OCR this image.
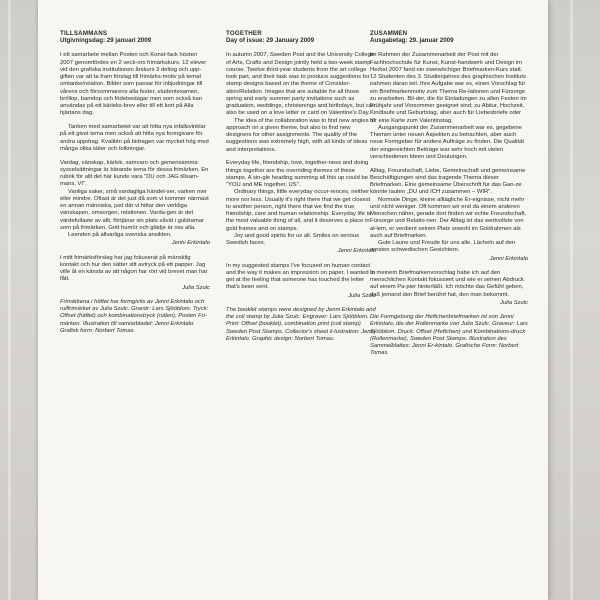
TILLSAMMANS
Utgivningsdag: 29 januari 2009

I ett samarbete mellan Posten och Konst-fack hösten 2007 genomfördes en 2 veck-ors frimärkskurs. 12 elever vid den grafiska institutionen årskurs 3 deltog och upp-giften var att ta fram förslag till frimärks-motiv på temat omtanke/relation. Bilder som passar för inbjudningar till vårens och försommarens alla fester, studentexamen, bröllop, bamdop och födelsedagar men som också kan användas på ett kärleks-brev eller till ett kort på Alla hjärtans dag.

Tanken med samarbetet var att hitta nya infallsvinklar på ett givet tema men också att hitta nya formgivare för andra uppdrag. Kvalitén på bidragen var mycket hög med många olika idéer och tolkningar.

Vardag, vänskap, kärlek, samvaro och gemensamma sysselsättningar är bärande tema för dessa frimärken. En rubrik för allt det här kunde vara "DU och JAG tillsam-mans, VI".

Vanliga saker, små vardagliga händel-ser, varken mer eller mindre. Oftast är det just då som vi kommer närmast en annan människa, just där vi hittar den verkliga vänskapen, omsorgen, relationen. Varda-gen är det värdefullaste av allt, förtjänar sin plats såväl i guldramar som på frimärken. Gott humör och glädje är oss alla.

Leenden på allvarliga svenska ansikten.

Jenni Erkintalo

I mitt frimärksförslag har jag fokuserat på mänsklig kontakt och hur den sätter sitt avtryck på ett papper. Jag ville åt en känsla av att någon har rört vid brevet man har fått.

Julia Szulc

Frimärkena i häftet har formgivits av Jenni Erkintalo och rullfrimärket av Julia Szulc. Gravör: Lars Sjööblom. Tryck: Offset (häftet) och kombinationstryck (rullen), Posten Fri-märken. Illustration till samlarbladet: Jenni Erkintalo. Grafisk form: Norbert Tomas.

TOGETHER
Day of issue: 29 January 2009

In autumn 2007, Sweden Post and the University College of Arts, Crafts and Design jointly held a two-week stamp course. Twelve third-year students from the art college took part, and their task was to produce suggestions for stamp designs based on the theme of Consider-ation/Relation. Images that are suitable for all those spring and early summer party invitations such as graduation, weddings, christenings and birthdays, but can also be used on a love letter or card on Valentine's Day.

The idea of the collaboration was to find new angles of approach on a given theme, but also to find new designers for other assignments. The quality of the suggestions was extremely high, with all kinds of ideas and interpretations.

Everyday life, friendship, love, together-ness and doing things together are the overriding themes of these stamps. A sin-gle heading summing all this up could be "YOU and ME together, US".

Ordinary things, little everyday occur-rences, neither more nor less. Usually it's right there that we get closest to another person, right there that we find the true friendship, care and human relationship. Everyday life is the most valuable thing of all, and it deserves a place in gold frames and on stamps.

Joy and good spirits for us all. Smiles on serious Swedish faces.

Jenni Erkintalo

In my suggested stamps I've focused on human contact and the way it makes an impression on paper. I wanted to get at the feeling that someone has touched the letter that's been sent.

Julia Szulc

The booklet stamps were designed by Jenni Erkintalo and the coil stamp by Julia Szulc. Engraver: Lars Sjööblom. Print: Offset (booklet), combination print (coil stamp) Sweden Post Stamps. Collector's sheet il-lustration: Jenni Erkintalo. Graphic design: Norbert Tomas.

ZUSAMMEN
Ausgabetag: 29. januar 2009

Im Rahmen der Zusammenarbeit der Post mit der Fachhochschule für Kunst, Kunst-handwerk und Design im Herbst 2007 fand ein zweiwöchiger Briefmarken-Kurs statt. 12 Studenten des 3. Studienjahres des graphischen Instituts nahmen daran teil. Ihre Aufgabe war es, einen Vorschlag für ein Briefmarkenmotiv zum Thema Re-lationen und Fürsorge zu erarbeiten. Bil-der, die für Einladungen zu allen Festen im Frühjahr und Vorsommer geeignet sind; zu Abitur, Hochzeit, Kindtaufe und Geburtstag, aber auch für Liebesbriefe oder für eine Karte zum Valentinstag.

Ausgangspunkt der Zusammenarbeit war es, gegebene Themen unter neuen Aspekten zu betrachten, aber auch neue Formgeber für andere Aufträge zu finden. Die Qualität der eingereichten Beiträge war sehr hoch mit vielen verschiedenen Ideen und Deutungen.

Alltag, Freundschaft, Liebe, Gemeinschaft und gemeinsame Beschäftigungen sind das tragende Thema dieser Briefmarken. Eine gemeinsame Überschrift für das Gan-ze könnte lauten „DU und ICH zusammen – WIR".

Normale Dinge, kleine alltägliche Er-eignisse, nicht mehr und nicht weniger. Oft kommen wir erst da einem anderen Menschen näher, gerade dort finden wir echte Freundschaft, Fürsorge und Relatio-nen. Der Alltag ist das wertvollste von al-lem, er verdient seinen Platz sowohl im Goldrahmen als auch auf Briefmarken.

Gute Laune und Freude für uns alle. Lächeln auf den ernsten schwedischen Gesichtern.

Jenni Erkintalo

In meinem Briefmarkenvorschlag habe ich auf den menschlichen Kontakt fokussiert und wie er seinen Abdruck auf einem Pa-pier hinterläßt. Ich möchte das Gefühl geben, daß jemand den Brief berührt hat, den man bekommt.

Julia Szulc

Die Formgebung der Heftchenbriefmarken ist von Jenni Erkintalo, die der Rollenmarke von Julia Szulc. Graveur: Lars Sjööblom. Druck: Offset (Heftchen) und Kombinations-druck (Rollenmarke), Sweden Post Stamps. Illustration des Sammelblattes: Jenni Er-kintalo. Grafische Form: Norbert Tomas.
